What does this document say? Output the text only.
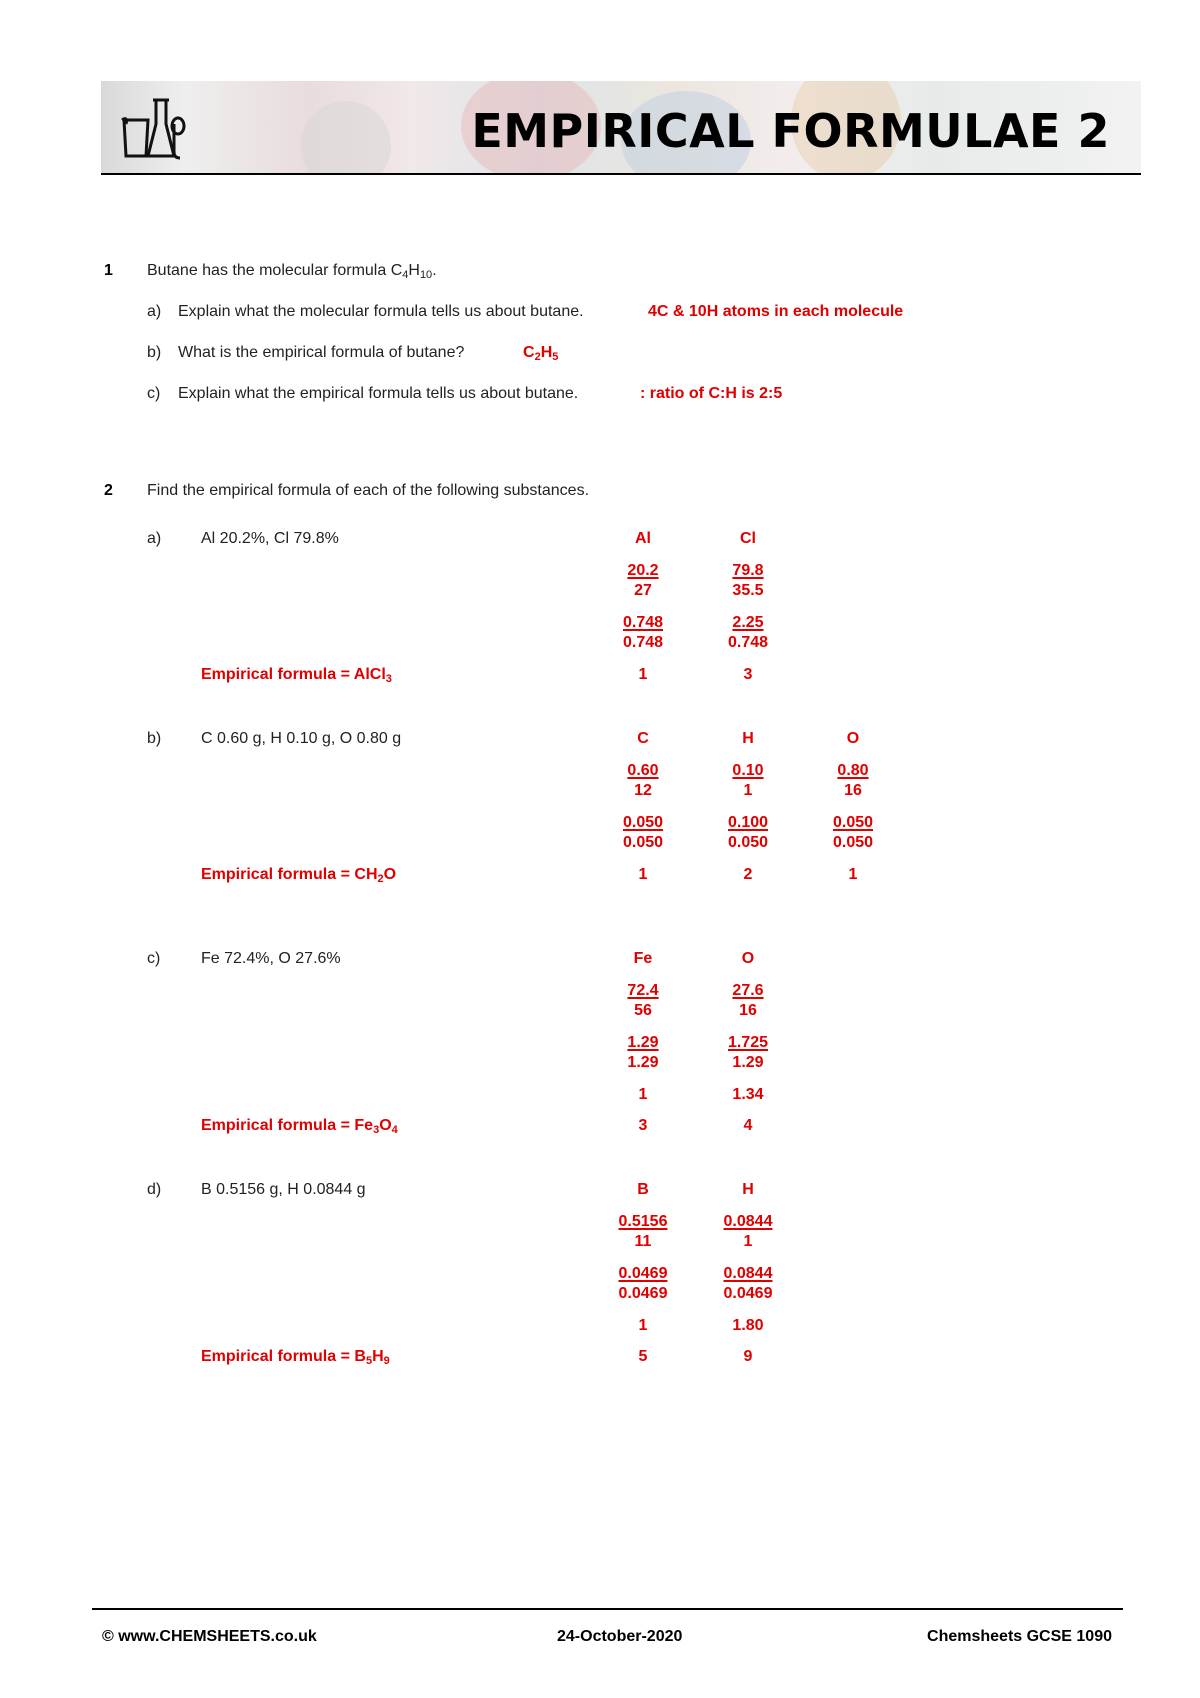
EMPIRICAL FORMULAE 2
1 Butane has the molecular formula $C_4H_{10}$.
a) Explain what the molecular formula tells us about butane.	4C & 10H atoms in each molecule
b) What is the empirical formula of butane?	$C_2H_5$
c) Explain what the empirical formula tells us about butane.	: ratio of C:H is 2:5
2 Find the empirical formula of each of the following substances.
a) Al 20.2%, Cl 79.8%	Al	Cl
20.2	79.8
27	35.5
0.748	2.25
0.748	0.748
Empirical formula = AlCl$_3$	1	3
b) C 0.60 g, H 0.10 g, O 0.80 g	C	H	O
0.60	0.10	0.80
12	1	16
0.050	0.100	0.050
0.050	0.050	0.050
Empirical formula = $CH_2O$	1	2	1
c)	Fe 72.4%, O 27.6%	Fe	O
72.4	27.6
56	16
1.29	1.725
1.29	1.29
1	1.34
Empirical formula = $Fe_3O_4$	3	4
d) B 0.5156 g, H 0.0844 g	B	H
0.5156	0.0844
11	1
0.0469	0.0844
0.0469	0.0469
1	1.80
Empirical formula = $B_5H_9$	5	9
© www.CHEMSHEETS.co.uk	24-October-2020	Chemsheets GCSE 1090
